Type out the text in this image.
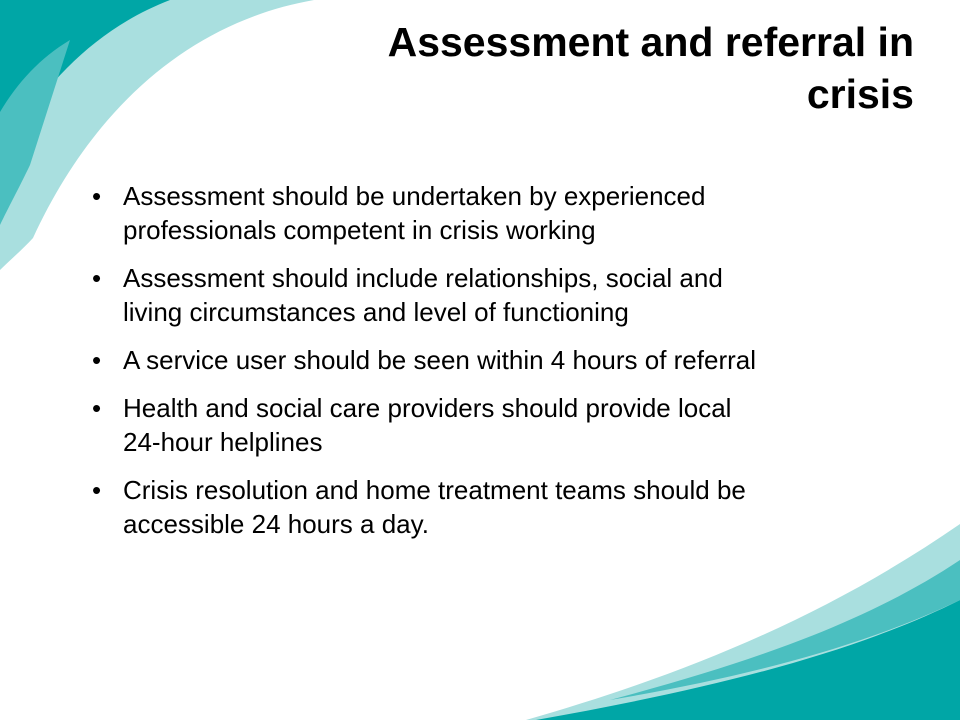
Assessment and referral in
crisis
• Assessment should be undertaken by experienced
professionals competent in crisis working
• Assessment should include relationships, social and
living circumstances and level of functioning
• A service user should be seen within 4 hours of referral
• Health and social care providers should provide local
24-hour helplines
• Crisis resolution and home treatment teams should be
accessible 24 hours a day.
